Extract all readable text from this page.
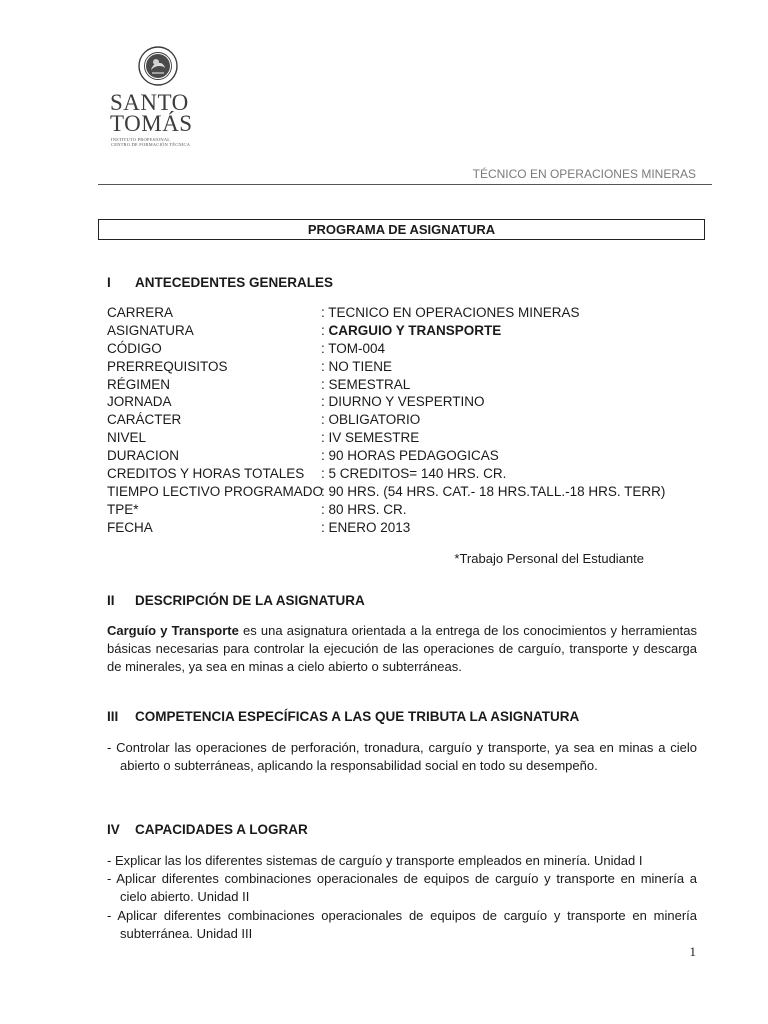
SANTO
TOMÁS
INSTITUTO PROFESIONAL
CENTRO DE FORMACIÓN TÉCNICA
TÉCNICO EN OPERACIONES MINERAS
PROGRAMA DE ASIGNATURA
I ANTECEDENTES GENERALES
CARRERA	: TECNICO EN OPERACIONES MINERAS
ASIGNATURA	: CARGUIO Y TRANSPORTE
CÓDIGO	: TOM-004
PRERREQUISITOS	: NO TIENE
RÉGIMEN	: SEMESTRAL
JORNADA	: DIURNO Y VESPERTINO
CARÁCTER	: OBLIGATORIO
NIVEL	: IV SEMESTRE
DURACION	: 90 HORAS PEDAGOGICAS
CREDITOS Y HORAS TOTALES : 5 CREDITOS= 140 HRS. CR.
TIEMPO LECTIVO PROGRAMADO: 90 HRS. (54 HRS. CAT.- 18 HRS.TALL.-18 HRS. TERR)
TPE*	: 80 HRS. CR.
FECHA	: ENERO 2013
*Trabajo Personal del Estudiante
II DESCRIPCIÓN DE LA ASIGNATURA
Carguío y Transporte es una asignatura orientada a la entrega de los conocimientos y herramientas básicas necesarias para controlar la ejecución de las operaciones de carguío, transporte y descarga de minerales, ya sea en minas a cielo abierto o subterráneas.
III COMPETENCIA ESPECÍFICAS A LAS QUE TRIBUTA LA ASIGNATURA
- Controlar las operaciones de perforación, tronadura, carguío y transporte, ya sea en minas a cielo abierto o subterráneas, aplicando la responsabilidad social en todo su desempeño.
IV CAPACIDADES A LOGRAR
- Explicar las los diferentes sistemas de carguío y transporte empleados en minería. Unidad I
- Aplicar diferentes combinaciones operacionales de equipos de carguío y transporte en minería a cielo abierto. Unidad II
- Aplicar diferentes combinaciones operacionales de equipos de carguío y transporte en minería subterránea. Unidad III
1
